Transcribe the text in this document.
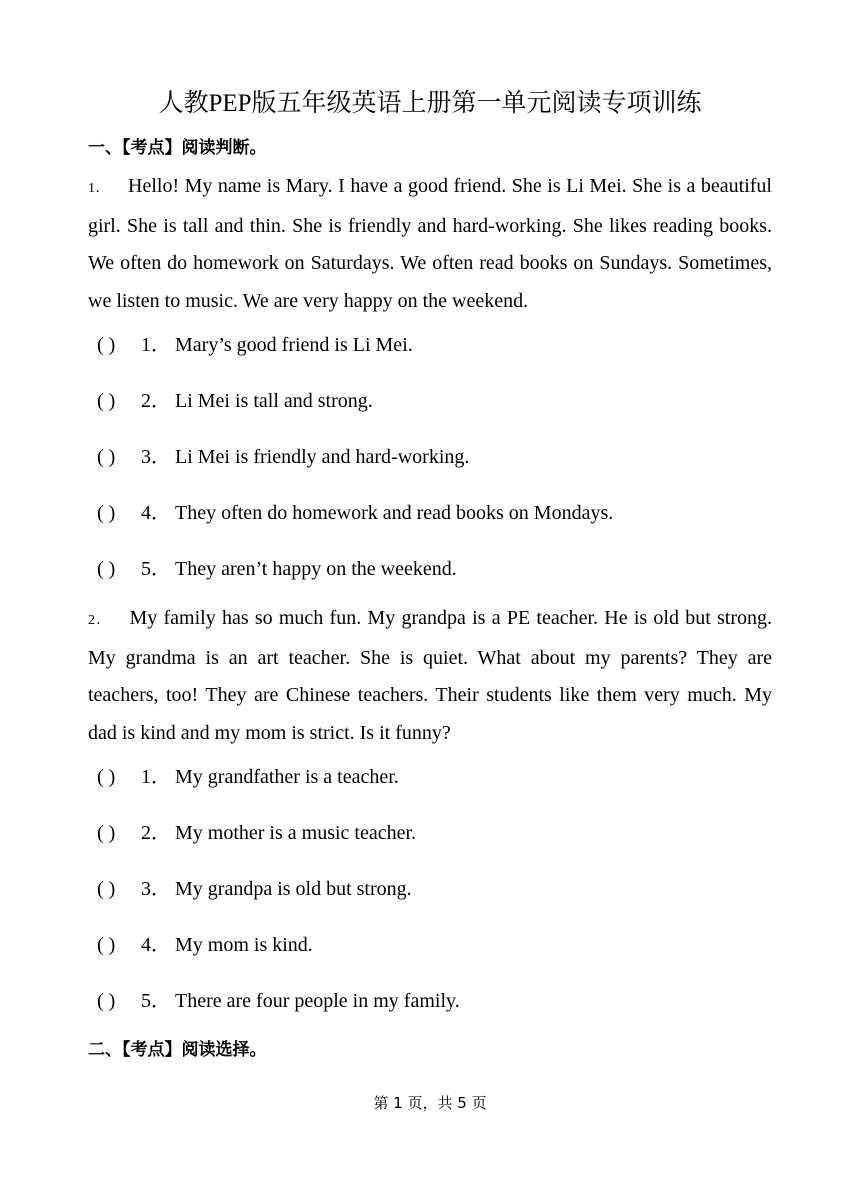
人教PEP版五年级英语上册第一单元阅读专项训练
一、【考点】阅读判断。
1． Hello! My name is Mary. I have a good friend. She is Li Mei. She is a beautiful girl. She is tall and thin. She is friendly and hard-working. She likes reading books. We often do homework on Saturdays. We often read books on Sundays. Sometimes, we listen to music. We are very happy on the weekend.
( ) 1． Mary’s good friend is Li Mei.
( ) 2． Li Mei is tall and strong.
( ) 3． Li Mei is friendly and hard-working.
( ) 4． They often do homework and read books on Mondays.
( ) 5． They aren’t happy on the weekend.
2． My family has so much fun. My grandpa is a PE teacher. He is old but strong. My grandma is an art teacher. She is quiet. What about my parents? They are teachers, too! They are Chinese teachers. Their students like them very much. My dad is kind and my mom is strict. Is it funny?
( ) 1． My grandfather is a teacher.
( ) 2． My mother is a music teacher.
( ) 3． My grandpa is old but strong.
( ) 4． My mom is kind.
( ) 5． There are four people in my family.
二、【考点】阅读选择。
第 1 页，共 5 页
